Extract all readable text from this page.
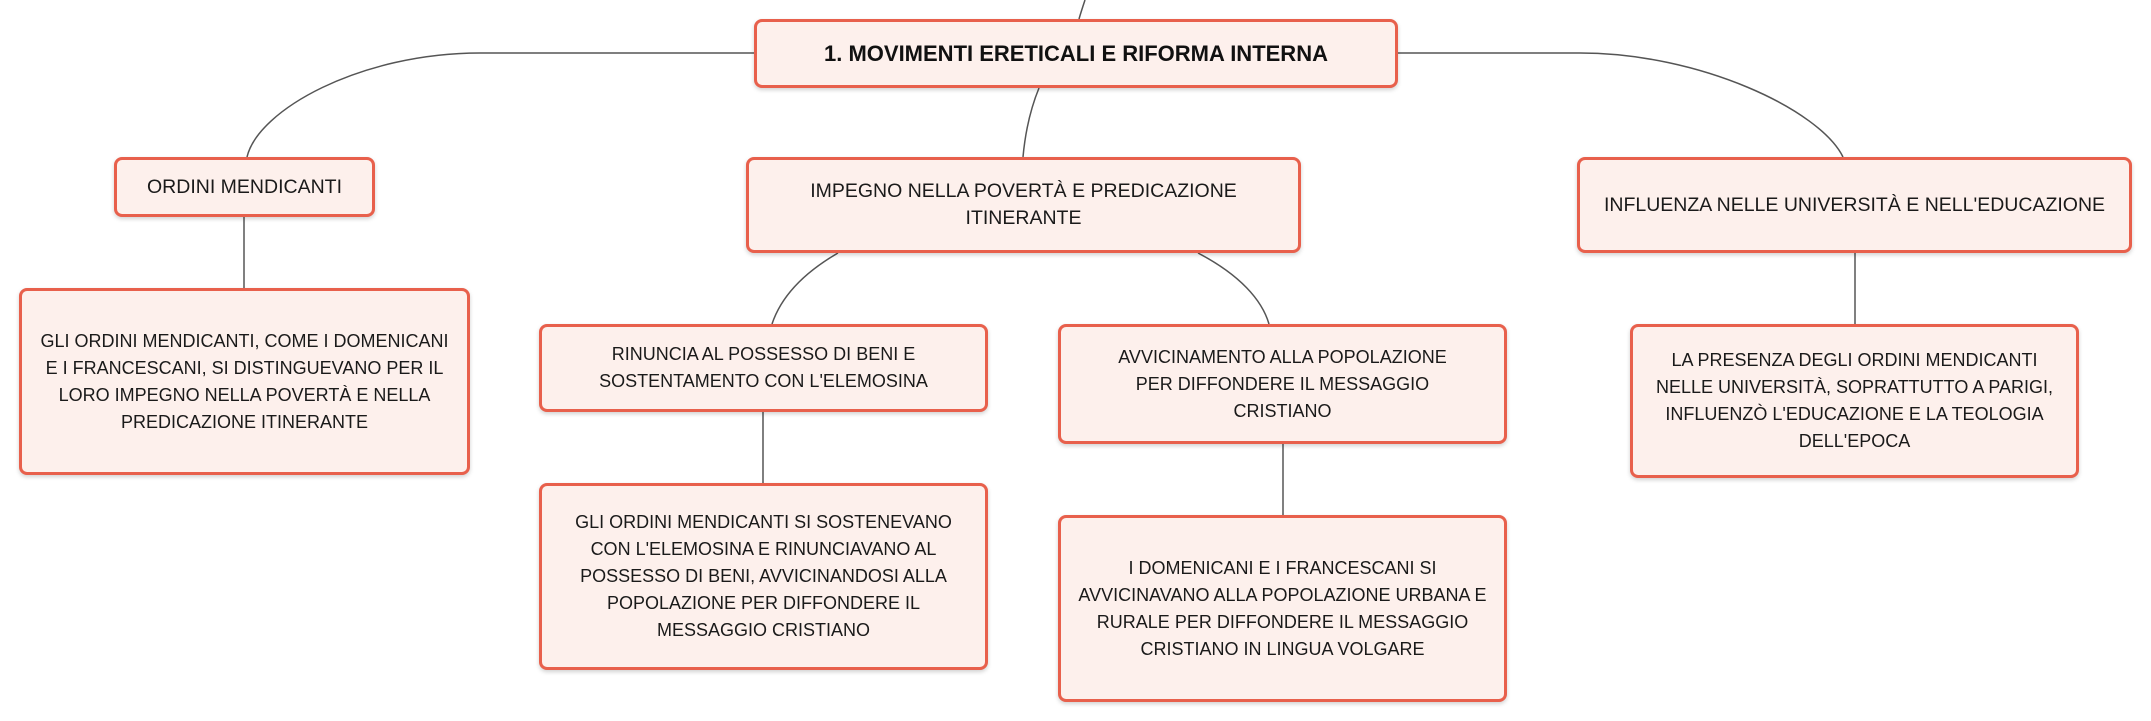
1. MOVIMENTI ERETICALI E RIFORMA INTERNA
ORDINI MENDICANTI
GLI ORDINI MENDICANTI, COME I DOMENICANI E I FRANCESCANI, SI DISTINGUEVANO PER IL LORO IMPEGNO NELLA POVERTÀ E NELLA PREDICAZIONE ITINERANTE
IMPEGNO NELLA POVERTÀ E PREDICAZIONE ITINERANTE
RINUNCIA AL POSSESSO DI BENI E SOSTENTAMENTO CON L'ELEMOSINA
GLI ORDINI MENDICANTI SI SOSTENEVANO CON L'ELEMOSINA E RINUNCIAVANO AL POSSESSO DI BENI, AVVICINANDOSI ALLA POPOLAZIONE PER DIFFONDERE IL MESSAGGIO CRISTIANO
AVVICINAMENTO ALLA POPOLAZIONE PER DIFFONDERE IL MESSAGGIO CRISTIANO
I DOMENICANI E I FRANCESCANI SI AVVICINAVANO ALLA POPOLAZIONE URBANA E RURALE PER DIFFONDERE IL MESSAGGIO CRISTIANO IN LINGUA VOLGARE
INFLUENZA NELLE UNIVERSITÀ E NELL'EDUCAZIONE
LA PRESENZA DEGLI ORDINI MENDICANTI NELLE UNIVERSITÀ, SOPRATTUTTO A PARIGI, INFLUENZÒ L'EDUCAZIONE E LA TEOLOGIA DELL'EPOCA
